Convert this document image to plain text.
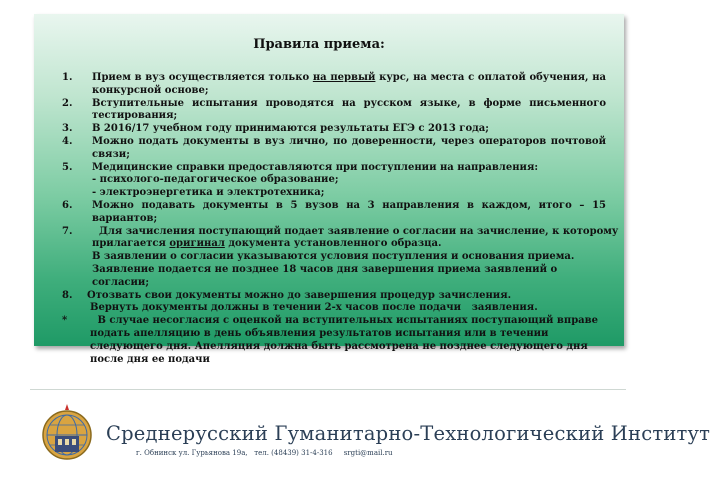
Правила приема:
1.	Прием в вуз осуществляется только на первый курс, на места с оплатой обучения, на конкурсной основе;
2.	Вступительные испытания проводятся на русском языке, в форме письменного тестирования;
3.	В 2016/17 учебном году принимаются результаты ЕГЭ с 2013 года;
4.	Можно подать документы в вуз лично, по доверенности, через операторов почтовой связи;
5.	Медицинские справки предоставляются при поступлении на направления:
- психолого-педагогическое образование;
- электроэнергетика и электротехника;
6.	Можно подавать документы в 5 вузов на 3 направления в каждом, итого – 15 вариантов;
7.	Для зачисления поступающий подает заявление о согласии на зачисление, к которому
прилагается оригинал документа установленного образца.
В заявлении о согласии указываются условия поступления и основания приема.
Заявление подается не позднее 18 часов дня завершения приема заявлений о
согласии;
8.	Отозвать свои документы можно до завершения процедур зачисления.
Вернуть документы должны в течении 2-х часов после подачи   заявления.
*	В случае несогласия с оценкой на вступительных испытаниях поступающий вправе
подать апелляцию в день объявления результатов испытания или в течении
следующего дня. Апелляция должна быть рассмотрена не позднее следующего дня
после дня ее подачи
Среднерусский Гуманитарно-Технологический Институт
г. Обнинск ул. Гурьянова 19а,   тел. (48439) 31-4-316     srgti@mail.ru
